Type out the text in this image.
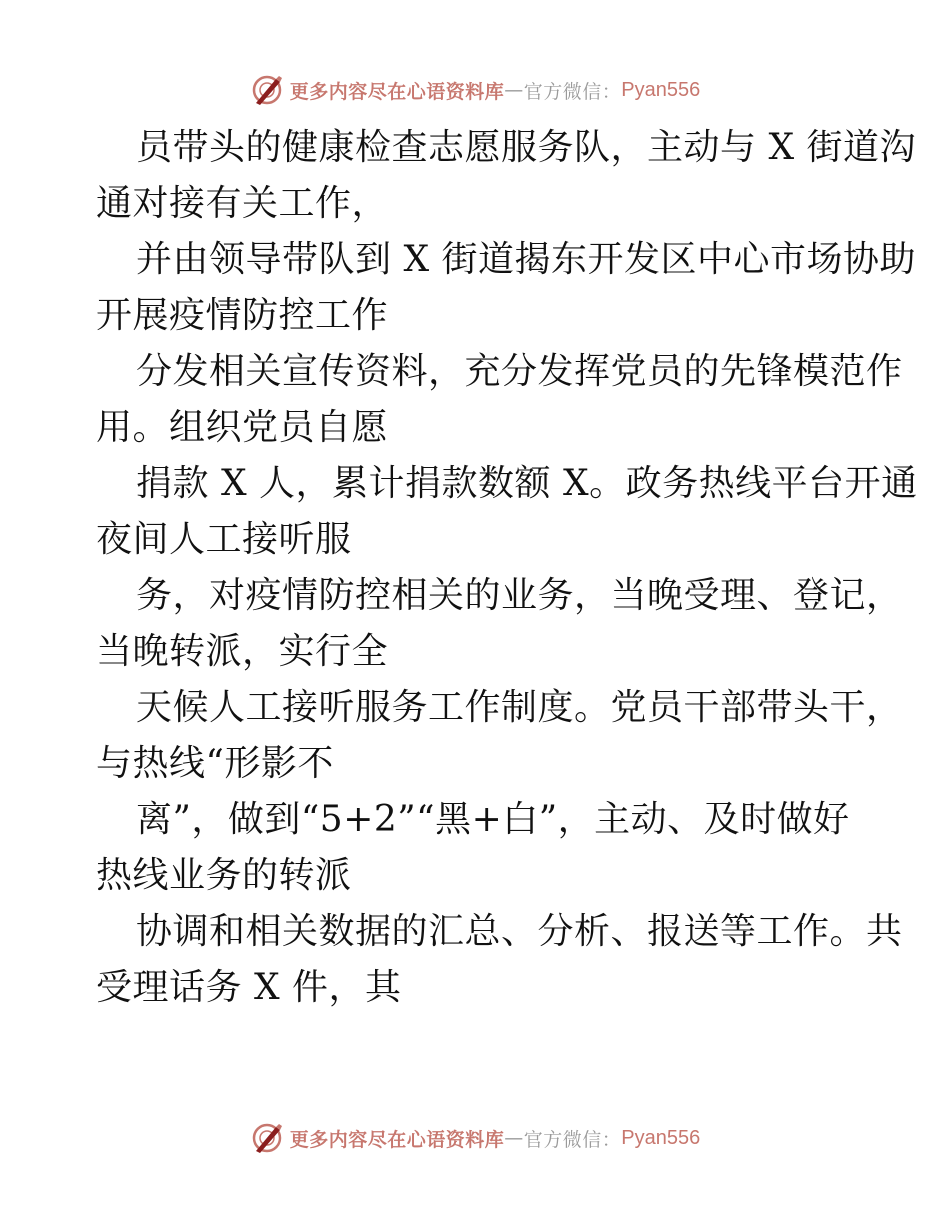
更多内容尽在心语资料库 — 官方微信： Pyan556
员带头的健康检查志愿服务队，主动与 X 街道沟
通对接有关工作，
并由领导带队到 X 街道揭东开发区中心市场协助
开展疫情防控工作
分发相关宣传资料，充分发挥党员的先锋模范作
用。组织党员自愿
捐款 X 人，累计捐款数额 X。政务热线平台开通
夜间人工接听服
务，对疫情防控相关的业务，当晚受理、登记，
当晚转派，实行全
天候人工接听服务工作制度。党员干部带头干，
与热线“形影不
离”，做到“5+2”“黑+白”，主动、及时做好
热线业务的转派
协调和相关数据的汇总、分析、报送等工作。共
受理话务 X 件，其
更多内容尽在心语资料库 — 官方微信： Pyan556
